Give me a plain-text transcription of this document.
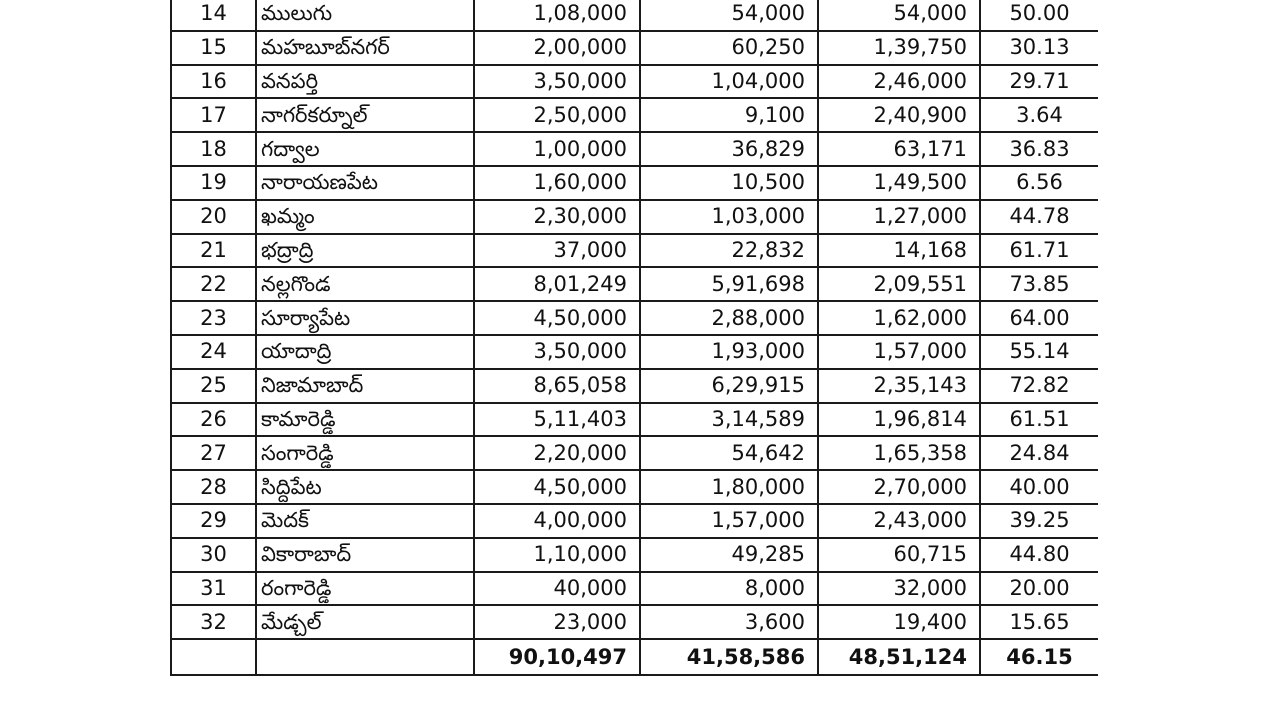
14	ములుగు	1,08,000	54,000	54,000	50.00
15	మహబూబ్‌నగర్	2,00,000	60,250	1,39,750	30.13
16	వనపర్తి	3,50,000	1,04,000	2,46,000	29.71
17	నాగర్‌కర్నూల్	2,50,000	9,100	2,40,900	3.64
18	గద్వాల	1,00,000	36,829	63,171	36.83
19	నారాయణపేట	1,60,000	10,500	1,49,500	6.56
20	ఖమ్మం	2,30,000	1,03,000	1,27,000	44.78
21	భద్రాద్రి	37,000	22,832	14,168	61.71
22	నల్లగొండ	8,01,249	5,91,698	2,09,551	73.85
23	సూర్యాపేట	4,50,000	2,88,000	1,62,000	64.00
24	యాదాద్రి	3,50,000	1,93,000	1,57,000	55.14
25	నిజామాబాద్	8,65,058	6,29,915	2,35,143	72.82
26	కామారెడ్డి	5,11,403	3,14,589	1,96,814	61.51
27	సంగారెడ్డి	2,20,000	54,642	1,65,358	24.84
28	సిద్దిపేట	4,50,000	1,80,000	2,70,000	40.00
29	మెదక్	4,00,000	1,57,000	2,43,000	39.25
30	వికారాబాద్	1,10,000	49,285	60,715	44.80
31	రంగారెడ్డి	40,000	8,000	32,000	20.00
32	మేడ్చల్	23,000	3,600	19,400	15.65
		90,10,497	41,58,586	48,51,124	46.15
